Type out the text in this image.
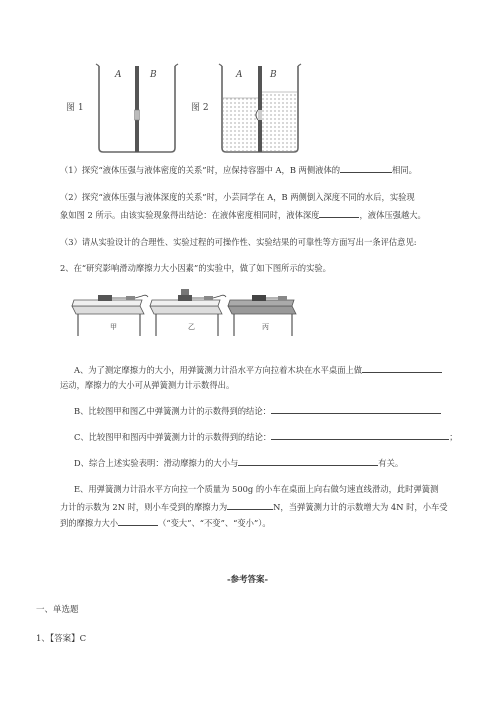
A	B
图 1
A	B
图 2
（1）探究“液体压强与液体密度的关系”时，应保持容器中 A，B 两侧液体的	相同。
（2）探究“液体压强与液体深度的关系”时，小芸同学在 A，B 两侧倒入深度不同的水后，实验现
象如图 2 所示。由该实验现象得出结论：在液体密度相同时，液体深度	，液体压强越大。
（3）请从实验设计的合理性、实验过程的可操作性、实验结果的可靠性等方面写出一条评估意见:
2、在“研究影响滑动摩擦力大小因素”的实验中，做了如下图所示的实验。
甲	乙	丙
A、为了测定摩擦力的大小，用弹簧测力计沿水平方向拉着木块在水平桌面上做
运动，摩擦力的大小可从弹簧测力计示数得出。
B、比较图甲和图乙中弹簧测力计的示数得到的结论：
C、比较图甲和图丙中弹簧测力计的示数得到的结论：	；
D、综合上述实验表明：滑动摩擦力的大小与	有关。
E、用弹簧测力计沿水平方向拉一个质量为 500g 的小车在桌面上向右做匀速直线滑动，此时弹簧测
力计的示数为 2N 时，则小车受到的摩擦力为	N，当弹簧测力计的示数增大为 4N 时，小车受
到的摩擦力大小	（“变大”、“不变”、“变小”）。
-参考答案-
一、单选题
1、【答案】C
